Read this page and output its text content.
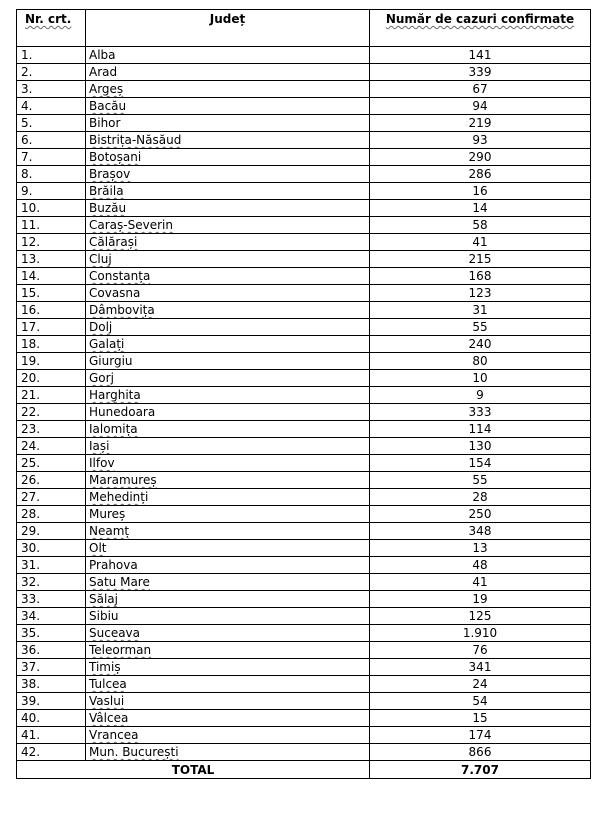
Nr. crt.	Județ	Număr de cazuri confirmate
1.	Alba	141
2.	Arad	339
3.	Argeș	67
4.	Bacău	94
5.	Bihor	219
6.	Bistrița-Năsăud	93
7.	Botoșani	290
8.	Brașov	286
9.	Brăila	16
10.	Buzău	14
11.	Caraș-Severin	58
12.	Călărași	41
13.	Cluj	215
14.	Constanța	168
15.	Covasna	123
16.	Dâmbovița	31
17.	Dolj	55
18.	Galați	240
19.	Giurgiu	80
20.	Gorj	10
21.	Harghita	9
22.	Hunedoara	333
23.	Ialomița	114
24.	Iași	130
25.	Ilfov	154
26.	Maramureș	55
27.	Mehedinți	28
28.	Mureș	250
29.	Neamț	348
30.	Olt	13
31.	Prahova	48
32.	Satu Mare	41
33.	Sălaj	19
34.	Sibiu	125
35.	Suceava	1.910
36.	Teleorman	76
37.	Timiș	341
38.	Tulcea	24
39.	Vaslui	54
40.	Vâlcea	15
41.	Vrancea	174
42.	Mun. București	866
TOTAL		7.707
